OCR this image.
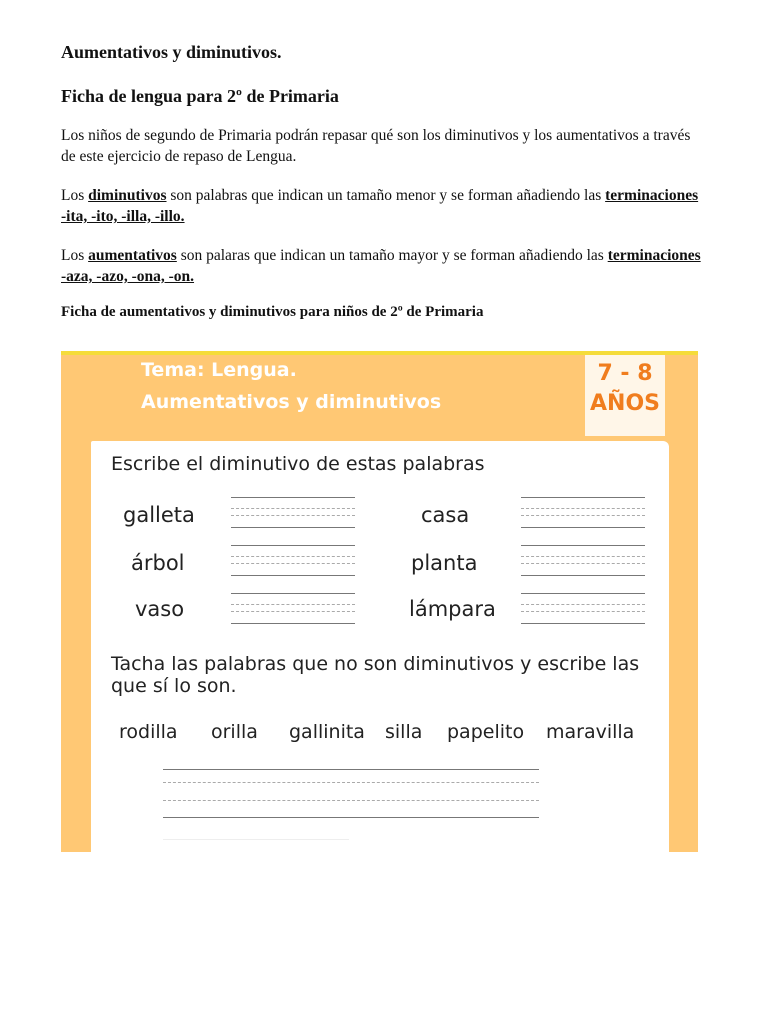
Aumentativos y diminutivos.
Ficha de lengua para 2º de Primaria

Los niños de segundo de Primaria podrán repasar qué son los diminutivos y los aumentativos a través de este ejercicio de repaso de Lengua.

Los diminutivos son palabras que indican un tamaño menor y se forman añadiendo las terminaciones -ita, -ito, -illa, -illo.

Los aumentativos son palaras que indican un tamaño mayor y se forman añadiendo las terminaciones -aza, -azo, -ona, -on.

Ficha de aumentativos y diminutivos para niños de 2º de Primaria
Tema: Lengua.
Aumentativos y diminutivos
7 - 8
AÑOS
Escribe el diminutivo de estas palabras
galleta	casa
árbol	planta
vaso	lámpara
Tacha las palabras que no son diminutivos y escribe las que sí lo son.
rodilla orilla gallinita silla papelito maravilla
